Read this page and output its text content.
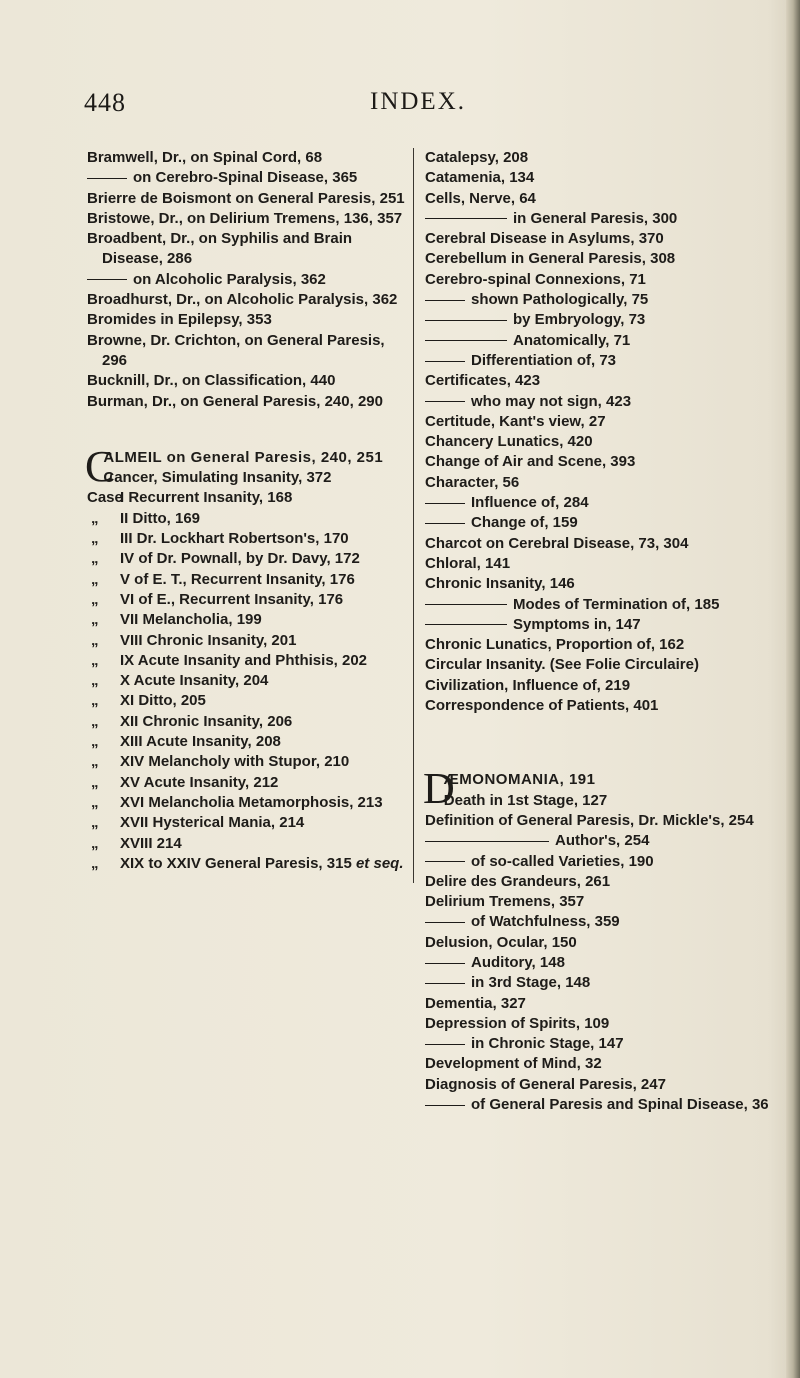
448	INDEX.

Bramwell, Dr., on Spinal Cord, 68

on Cerebro-Spinal Disease, 365

Brierre de Boismont on General Paresis, 251

Bristowe, Dr., on Delirium Tremens, 136, 357

Broadbent, Dr., on Syphilis and Brain Disease, 286

on Alcoholic Paralysis, 362

Broadhurst, Dr., on Alcoholic Paralysis, 362

Bromides in Epilepsy, 353

Browne, Dr. Crichton, on General Paresis, 296

Bucknill, Dr., on Classification, 440

Burman, Dr., on General Paresis, 240, 290

C
ALMEIL on General Paresis, 240, 251

Cancer, Simulating Insanity, 372

Case
I Recurrent Insanity, 168

„	II Ditto, 169

„	III Dr. Lockhart Robertson's, 170

„	IV of Dr. Pownall, by Dr. Davy, 172

„	V of E. T., Recurrent Insanity, 176

„	VI of E., Recurrent Insanity, 176

„	VII Melancholia, 199

„	VIII Chronic Insanity, 201

„	IX Acute Insanity and Phthisis, 202

„	X Acute Insanity, 204

„	XI Ditto, 205

„	XII Chronic Insanity, 206

„	XIII Acute Insanity, 208

„	XIV Melancholy with Stupor, 210

„	XV Acute Insanity, 212

„	XVI Melancholia Metamorphosis, 213

„	XVII Hysterical Mania, 214

„	XVIII 214

„	XIX to XXIV General Paresis, 315 et seq.

Catalepsy, 208

Catamenia, 134

Cells, Nerve, 64

in General Paresis, 300

Cerebral Disease in Asylums, 370

Cerebellum in General Paresis, 308

Cerebro-spinal Connexions, 71

shown Pathologically, 75

by Embryology, 73

Anatomically, 71

Differentiation of, 73

Certificates, 423

who may not sign, 423

Certitude, Kant's view, 27

Chancery Lunatics, 420

Change of Air and Scene, 393

Character, 56

Influence of, 284

Change of, 159

Charcot on Cerebral Disease, 73, 304

Chloral, 141

Chronic Insanity, 146

Modes of Termination of, 185

Symptoms in, 147

Chronic Lunatics, Proportion of, 162

Circular Insanity. (See Folie Circulaire)

Civilization, Influence of, 219

Correspondence of Patients, 401

D
ÆMONOMANIA, 191

Death in 1st Stage, 127

Definition of General Paresis, Dr. Mickle's, 254

Author's, 254

of so-called Varieties, 190

Delire des Grandeurs, 261

Delirium Tremens, 357

of Watchfulness, 359

Delusion, Ocular, 150

Auditory, 148

in 3rd Stage, 148

Dementia, 327

Depression of Spirits, 109

in Chronic Stage, 147

Development of Mind, 32

Diagnosis of General Paresis, 247

of General Paresis and Spinal Disease, 36
